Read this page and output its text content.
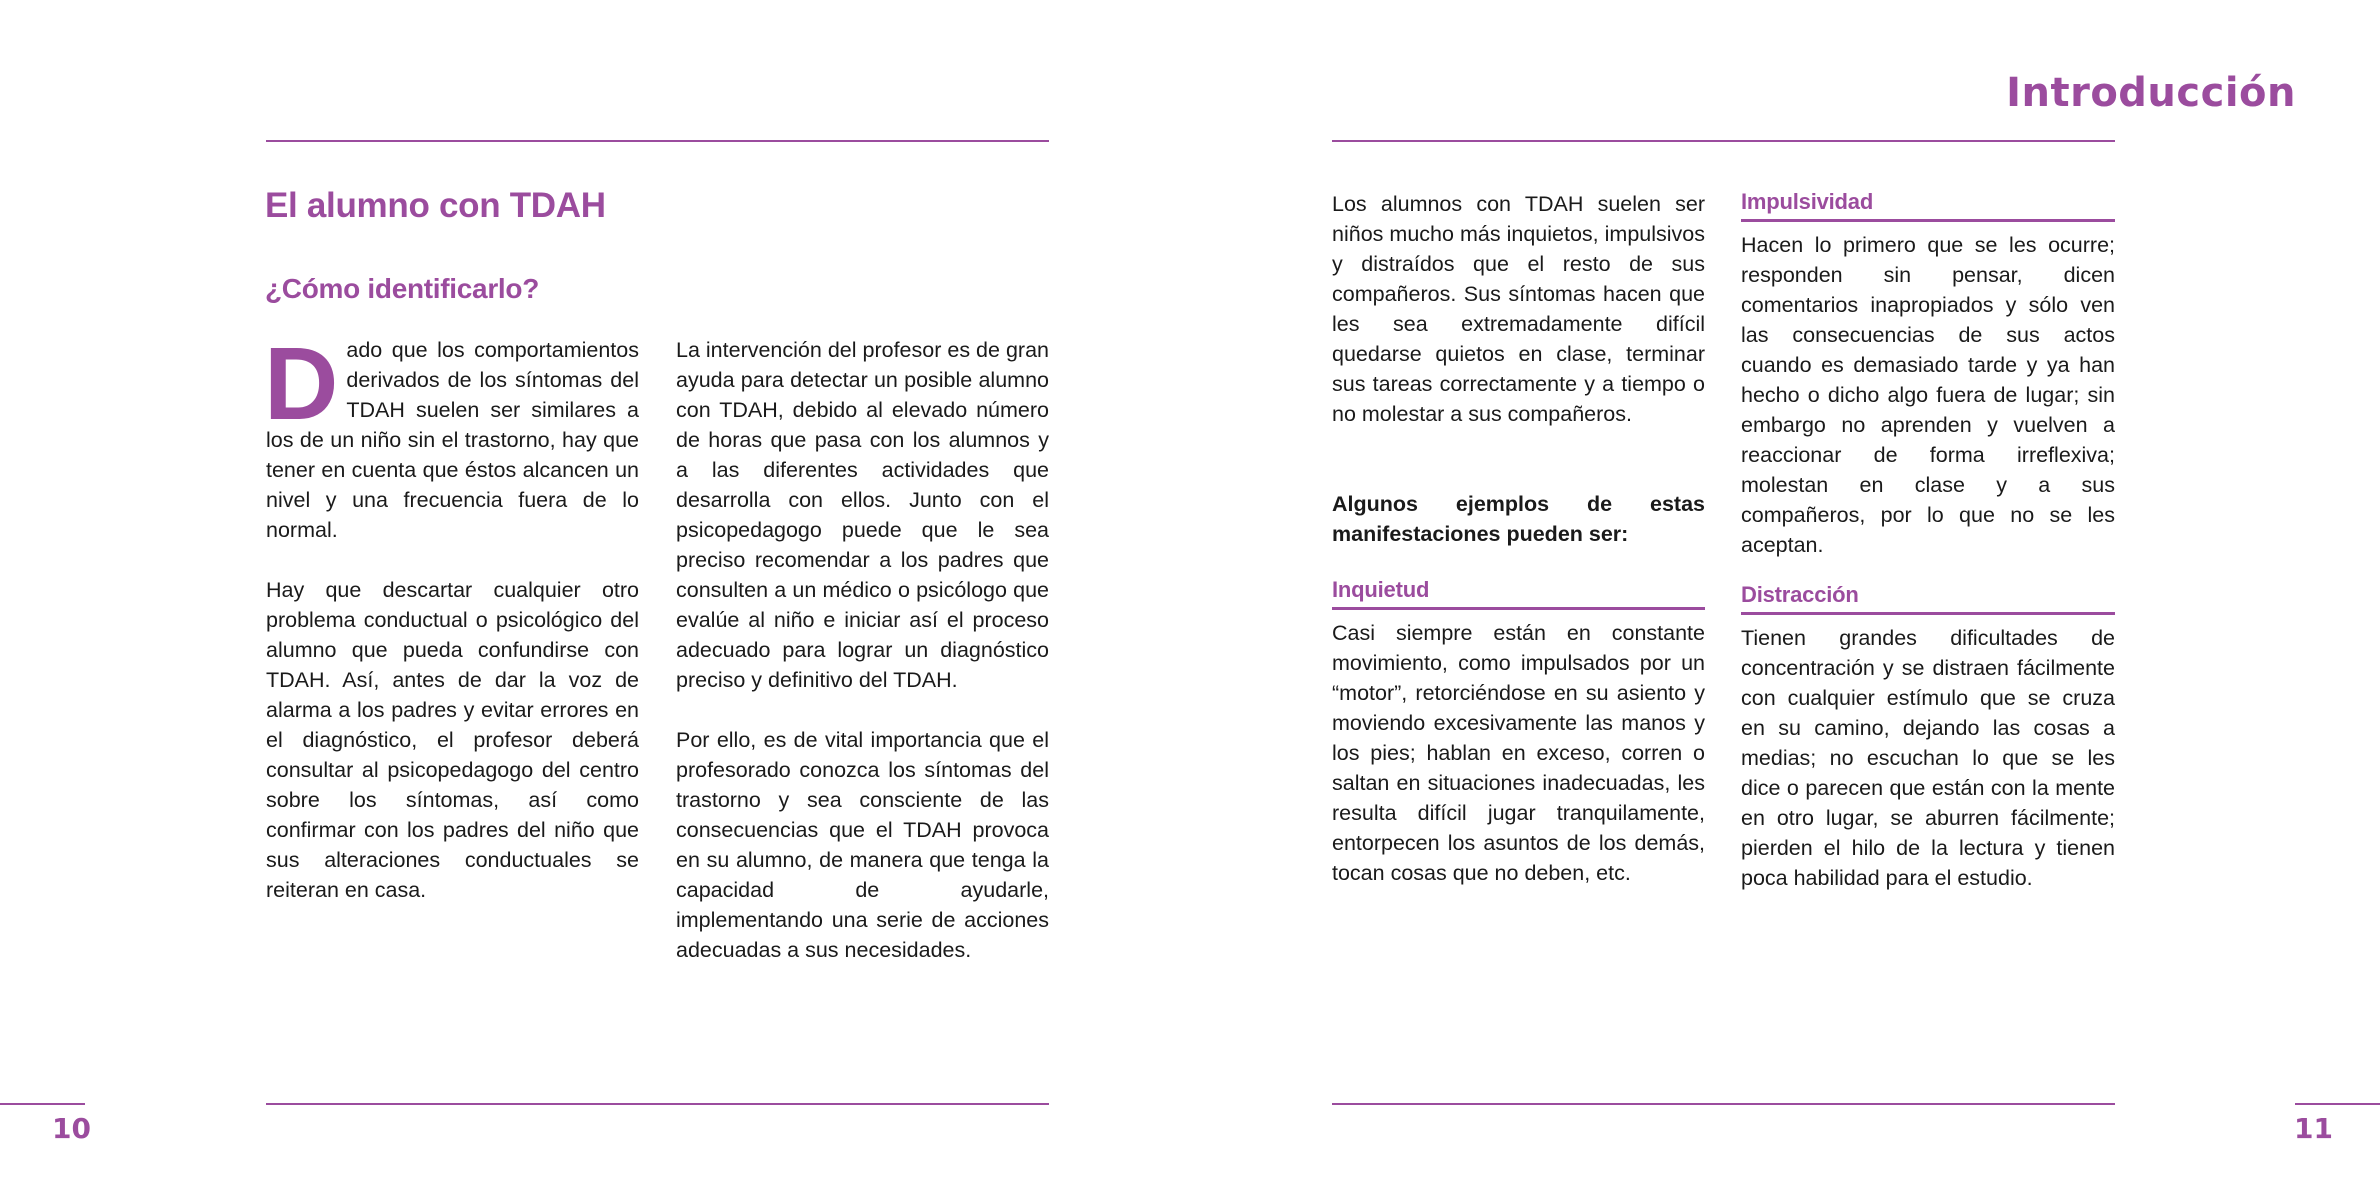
Introducción
El alumno con TDAH
¿Cómo identificarlo?

Dado que los comportamientos derivados de los síntomas del TDAH suelen ser similares a los de un niño sin el trastorno, hay que tener en cuenta que éstos alcancen un nivel y una frecuencia fuera de lo normal.

Hay que descartar cualquier otro problema conductual o psicológico del alumno que pueda confundirse con TDAH. Así, antes de dar la voz de alarma a los padres y evitar errores en el diagnóstico, el profesor deberá consultar al psicopedagogo del centro sobre los síntomas, así como confirmar con los padres del niño que sus alteraciones conductuales se reiteran en casa.

La intervención del profesor es de gran ayuda para detectar un posible alumno con TDAH, debido al elevado número de horas que pasa con los alumnos y a las diferentes actividades que desarrolla con ellos. Junto con el psicopedagogo puede que le sea preciso recomendar a los padres que consulten a un médico o psicólogo que evalúe al niño e iniciar así el proceso adecuado para lograr un diagnóstico preciso y definitivo del TDAH.

Por ello, es de vital importancia que el profesorado conozca los síntomas del trastorno y sea consciente de las consecuencias que el TDAH provoca en su alumno, de manera que tenga la capacidad de ayudarle, implementando una serie de acciones adecuadas a sus necesidades.

Los alumnos con TDAH suelen ser niños mucho más inquietos, impulsivos y distraídos que el resto de sus compañeros. Sus síntomas hacen que les sea extremadamente difícil quedarse quietos en clase, terminar sus tareas correctamente y a tiempo o no molestar a sus compañeros.
Algunos ejemplos de estas manifestaciones pueden ser:
Inquietud
Casi siempre están en constante movimiento, como impulsados por un “motor”, retorciéndose en su asiento y moviendo excesivamente las manos y los pies; hablan en exceso, corren o saltan en situaciones inadecuadas, les resulta difícil jugar tranquilamente, entorpecen los asuntos de los demás, tocan cosas que no deben, etc.
Impulsividad
Hacen lo primero que se les ocurre; responden sin pensar, dicen comentarios inapropiados y sólo ven las consecuencias de sus actos cuando es demasiado tarde y ya han hecho o dicho algo fuera de lugar; sin embargo no aprenden y vuelven a reaccionar de forma irreflexiva; molestan en clase y a sus compañeros, por lo que no se les aceptan.
Distracción
Tienen grandes dificultades de concentración y se distraen fácilmente con cualquier estímulo que se cruza en su camino, dejando las cosas a medias; no escuchan lo que se les dice o parecen que están con la mente en otro lugar, se aburren fácilmente; pierden el hilo de la lectura y tienen poca habilidad para el estudio.
10	11
